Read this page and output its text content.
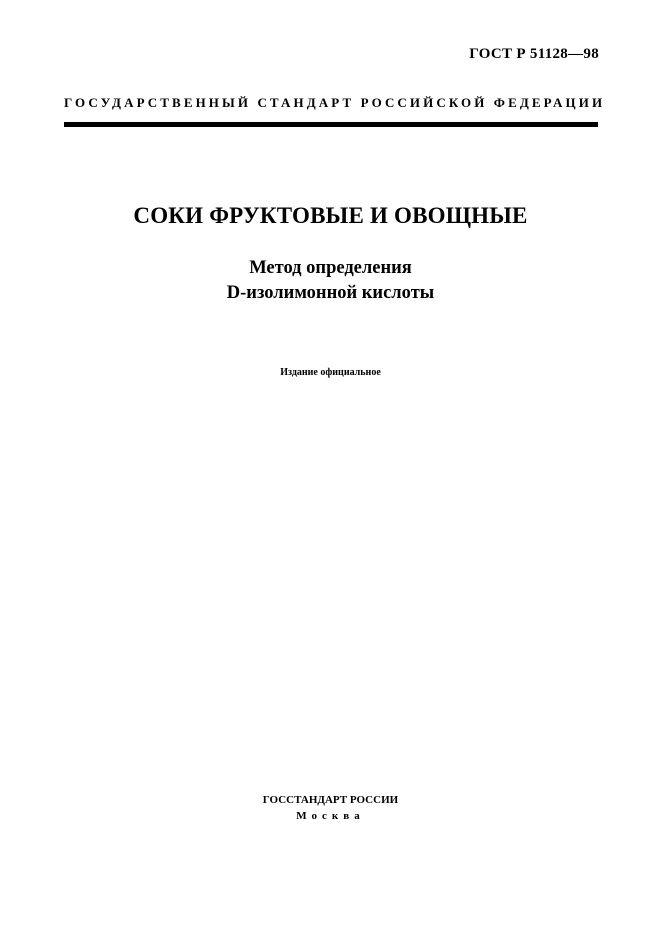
ГОСТ Р 51128—98
ГОСУДАРСТВЕННЫЙ СТАНДАРТ РОССИЙСКОЙ ФЕДЕРАЦИИ
СОКИ ФРУКТОВЫЕ И ОВОЩНЫЕ
Метод определения
D-изолимонной кислоты
Издание официальное
ГОССТАНДАРТ РОССИИ
Москва
